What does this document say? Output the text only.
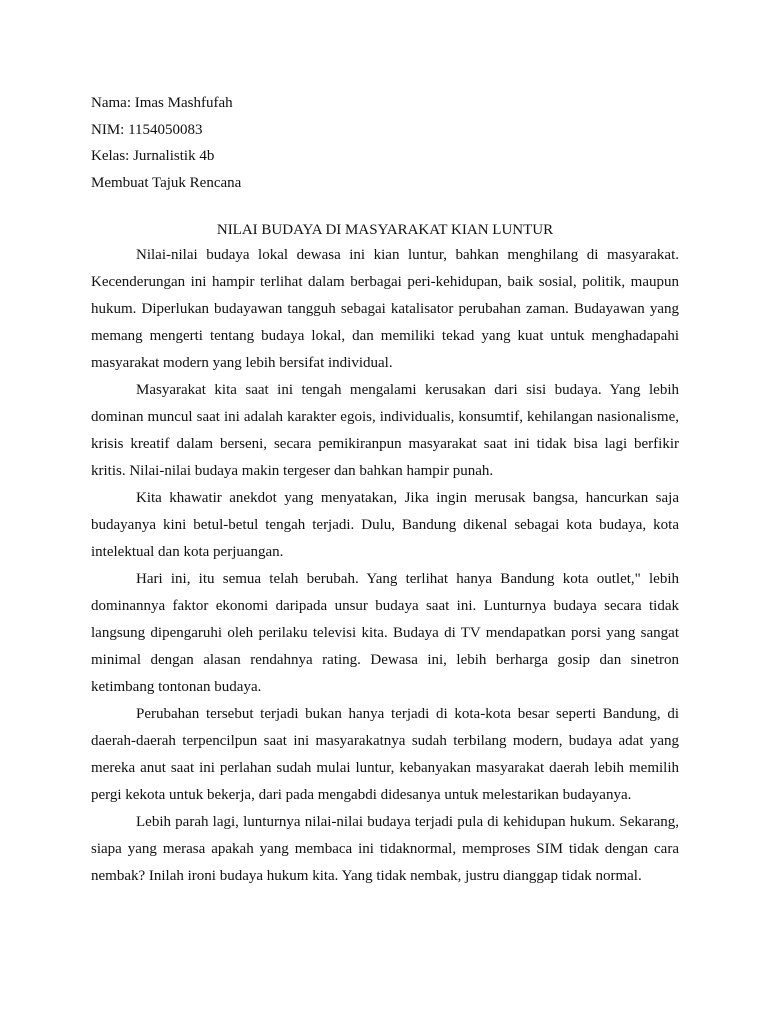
Nama: Imas Mashfufah

NIM: 1154050083

Kelas: Jurnalistik 4b

Membuat Tajuk Rencana

NILAI BUDAYA DI MASYARAKAT KIAN LUNTUR

Nilai-nilai budaya lokal dewasa ini kian luntur, bahkan menghilang di masyarakat. Kecenderungan ini hampir terlihat dalam berbagai peri-kehidupan, baik sosial, politik, maupun hukum. Diperlukan budayawan tangguh sebagai katalisator perubahan zaman. Budayawan yang memang mengerti tentang budaya lokal, dan memiliki tekad yang kuat untuk menghadapahi masyarakat modern yang lebih bersifat individual.

Masyarakat kita saat ini tengah mengalami kerusakan dari sisi budaya. Yang lebih dominan muncul saat ini adalah karakter egois, individualis, konsumtif, kehilangan nasionalisme, krisis kreatif dalam berseni, secara pemikiranpun masyarakat saat ini tidak bisa lagi berfikir kritis. Nilai-nilai budaya makin tergeser dan bahkan hampir punah.

Kita khawatir anekdot yang menyatakan, Jika ingin merusak bangsa, hancurkan saja budayanya kini betul-betul tengah terjadi. Dulu, Bandung dikenal sebagai kota budaya, kota intelektual dan kota perjuangan.

Hari ini, itu semua telah berubah. Yang terlihat hanya Bandung kota outlet," lebih dominannya faktor ekonomi daripada unsur budaya saat ini. Lunturnya budaya secara tidak langsung dipengaruhi oleh perilaku televisi kita. Budaya di TV mendapatkan porsi yang sangat minimal dengan alasan rendahnya rating. Dewasa ini, lebih berharga gosip dan sinetron ketimbang tontonan budaya.

Perubahan tersebut terjadi bukan hanya terjadi di kota-kota besar seperti Bandung, di daerah-daerah terpencilpun saat ini masyarakatnya sudah terbilang modern, budaya adat yang mereka anut saat ini perlahan sudah mulai luntur, kebanyakan masyarakat daerah lebih memilih pergi kekota untuk bekerja, dari pada mengabdi didesanya untuk melestarikan budayanya.

Lebih parah lagi, lunturnya nilai-nilai budaya terjadi pula di kehidupan hukum. Sekarang, siapa yang merasa apakah yang membaca ini tidaknormal, memproses SIM tidak dengan cara nembak? Inilah ironi budaya hukum kita. Yang tidak nembak, justru dianggap tidak normal.
